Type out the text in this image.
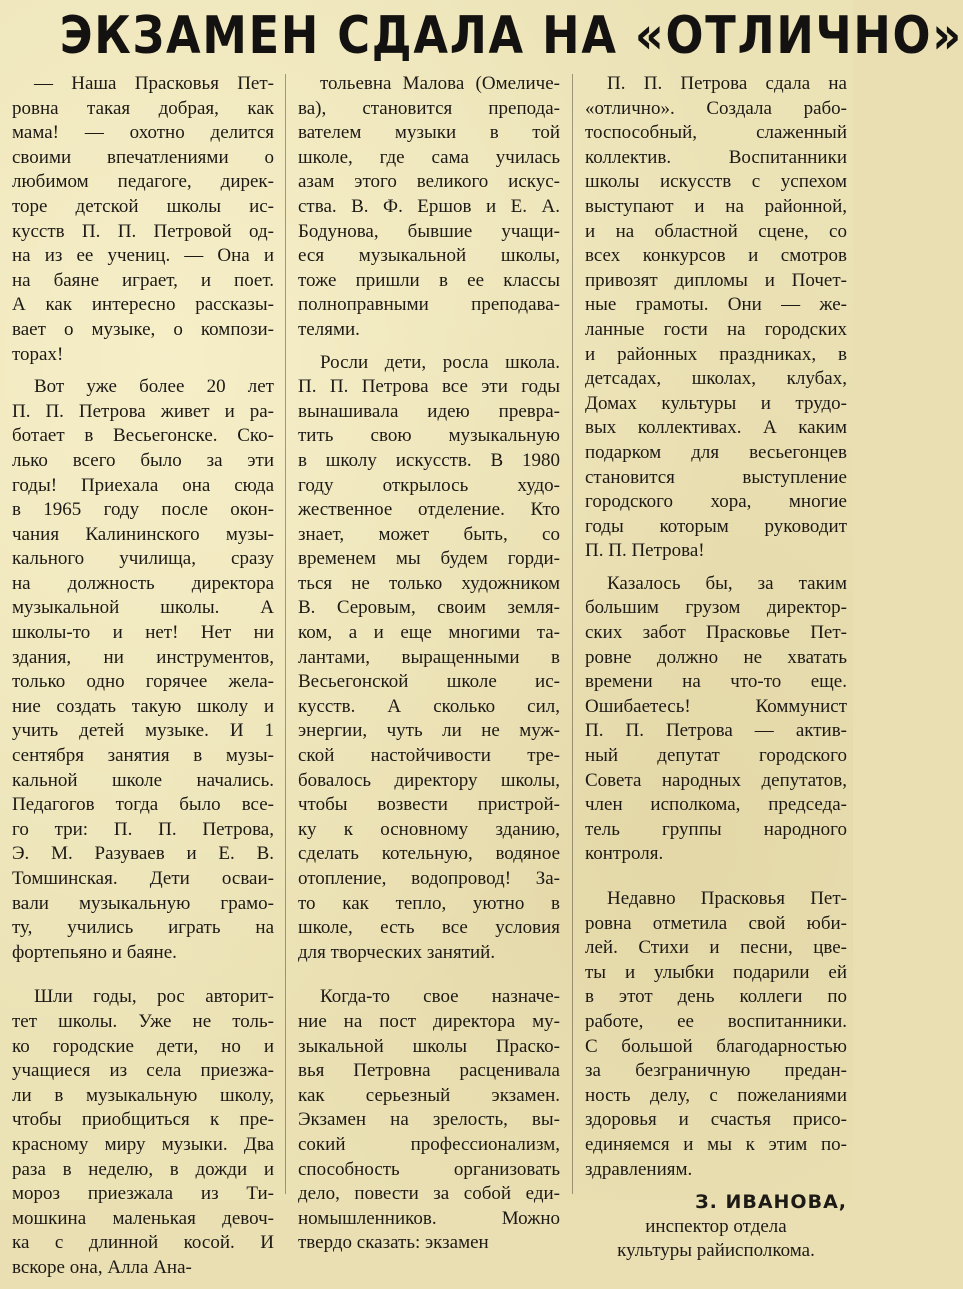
ЭКЗАМЕН СДАЛА НА «ОТЛИЧНО»

— Наша Прасковья Пет-
ровна такая добрая, как
мама! — охотно делится
своими впечатлениями о
любимом педагоге, дирек-
торе детской школы ис-
кусств П. П. Петровой од-
на из ее учениц. — Она и
на баяне играет, и поет.
А как интересно рассказы-
вает о музыке, о компози-
торах!

Вот уже более 20 лет
П. П. Петрова живет и ра-
ботает в Весьегонске. Ско-
лько всего было за эти
годы! Приехала она сюда
в 1965 году после окон-
чания Калининского музы-
кального училища, сразу
на должность директора
музыкальной школы. А
школы-то и нет! Нет ни
здания, ни инструментов,
только одно горячее жела-
ние создать такую школу и
учить детей музыке. И 1
сентября занятия в музы-
кальной школе начались.
Педагогов тогда было все-
го три: П. П. Петрова,
Э. М. Разуваев и Е. В.
Томшинская. Дети осваи-
вали музыкальную грамо-
ту, учились играть на
фортепьяно и баяне.

Шли годы, рос авторит-
тет школы. Уже не толь-
ко городские дети, но и
учащиеся из села приезжа-
ли в музыкальную школу,
чтобы приобщиться к пре-
красному миру музыки. Два
раза в неделю, в дожди и
мороз приезжала из Ти-
мошкина маленькая девоч-
ка с длинной косой. И
вскоре она, Алла Ана-

тольевна Малова (Омеличе-
ва), становится препода-
вателем музыки в той
школе, где сама училась
азам этого великого искус-
ства. В. Ф. Ершов и Е. А.
Бодунова, бывшие учащи-
еся музыкальной школы,
тоже пришли в ее классы
полноправными преподава-
телями.

Росли дети, росла школа.
П. П. Петрова все эти годы
вынашивала идею превра-
тить свою музыкальную
в школу искусств. В 1980
году открылось худо-
жественное отделение. Кто
знает, может быть, со
временем мы будем горди-
ться не только художником
В. Серовым, своим земля-
ком, а и еще многими та-
лантами, выращенными в
Весьегонской школе ис-
кусств. А сколько сил,
энергии, чуть ли не муж-
ской настойчивости тре-
бовалось директору школы,
чтобы возвести пристрой-
ку к основному зданию,
сделать котельную, водяное
отопление, водопровод! За-
то как тепло, уютно в
школе, есть все условия
для творческих занятий.

Когда-то свое назначе-
ние на пост директора му-
зыкальной школы Праско-
вья Петровна расценивала
как серьезный экзамен.
Экзамен на зрелость, вы-
сокий профессионализм,
способность организовать
дело, повести за собой еди-
номышленников. Можно
твердо сказать: экзамен

П. П. Петрова сдала на
«отлично». Создала рабо-
тоспособный, слаженный
коллектив. Воспитанники
школы искусств с успехом
выступают и на районной,
и на областной сцене, со
всех конкурсов и смотров
привозят дипломы и Почет-
ные грамоты. Они — же-
ланные гости на городских
и районных праздниках, в
детсадах, школах, клубах,
Домах культуры и трудо-
вых коллективах. А каким
подарком для весьегонцев
становится выступление
городского хора, многие
годы которым руководит
П. П. Петрова!

Казалось бы, за таким
большим грузом директор-
ских забот Прасковье Пет-
ровне должно не хватать
времени на что-то еще.
Ошибаетесь! Коммунист
П. П. Петрова — актив-
ный депутат городского
Совета народных депутатов,
член исполкома, председа-
тель группы народного
контроля.

Недавно Прасковья Пет-
ровна отметила свой юби-
лей. Стихи и песни, цве-
ты и улыбки подарили ей
в этот день коллеги по
работе, ее воспитанники.
С большой благодарностью
за безграничную предан-
ность делу, с пожеланиями
здоровья и счастья присо-
единяемся и мы к этим по-
здравлениям.

З. ИВАНОВА,
инспектор отдела
культуры райисполкома.
